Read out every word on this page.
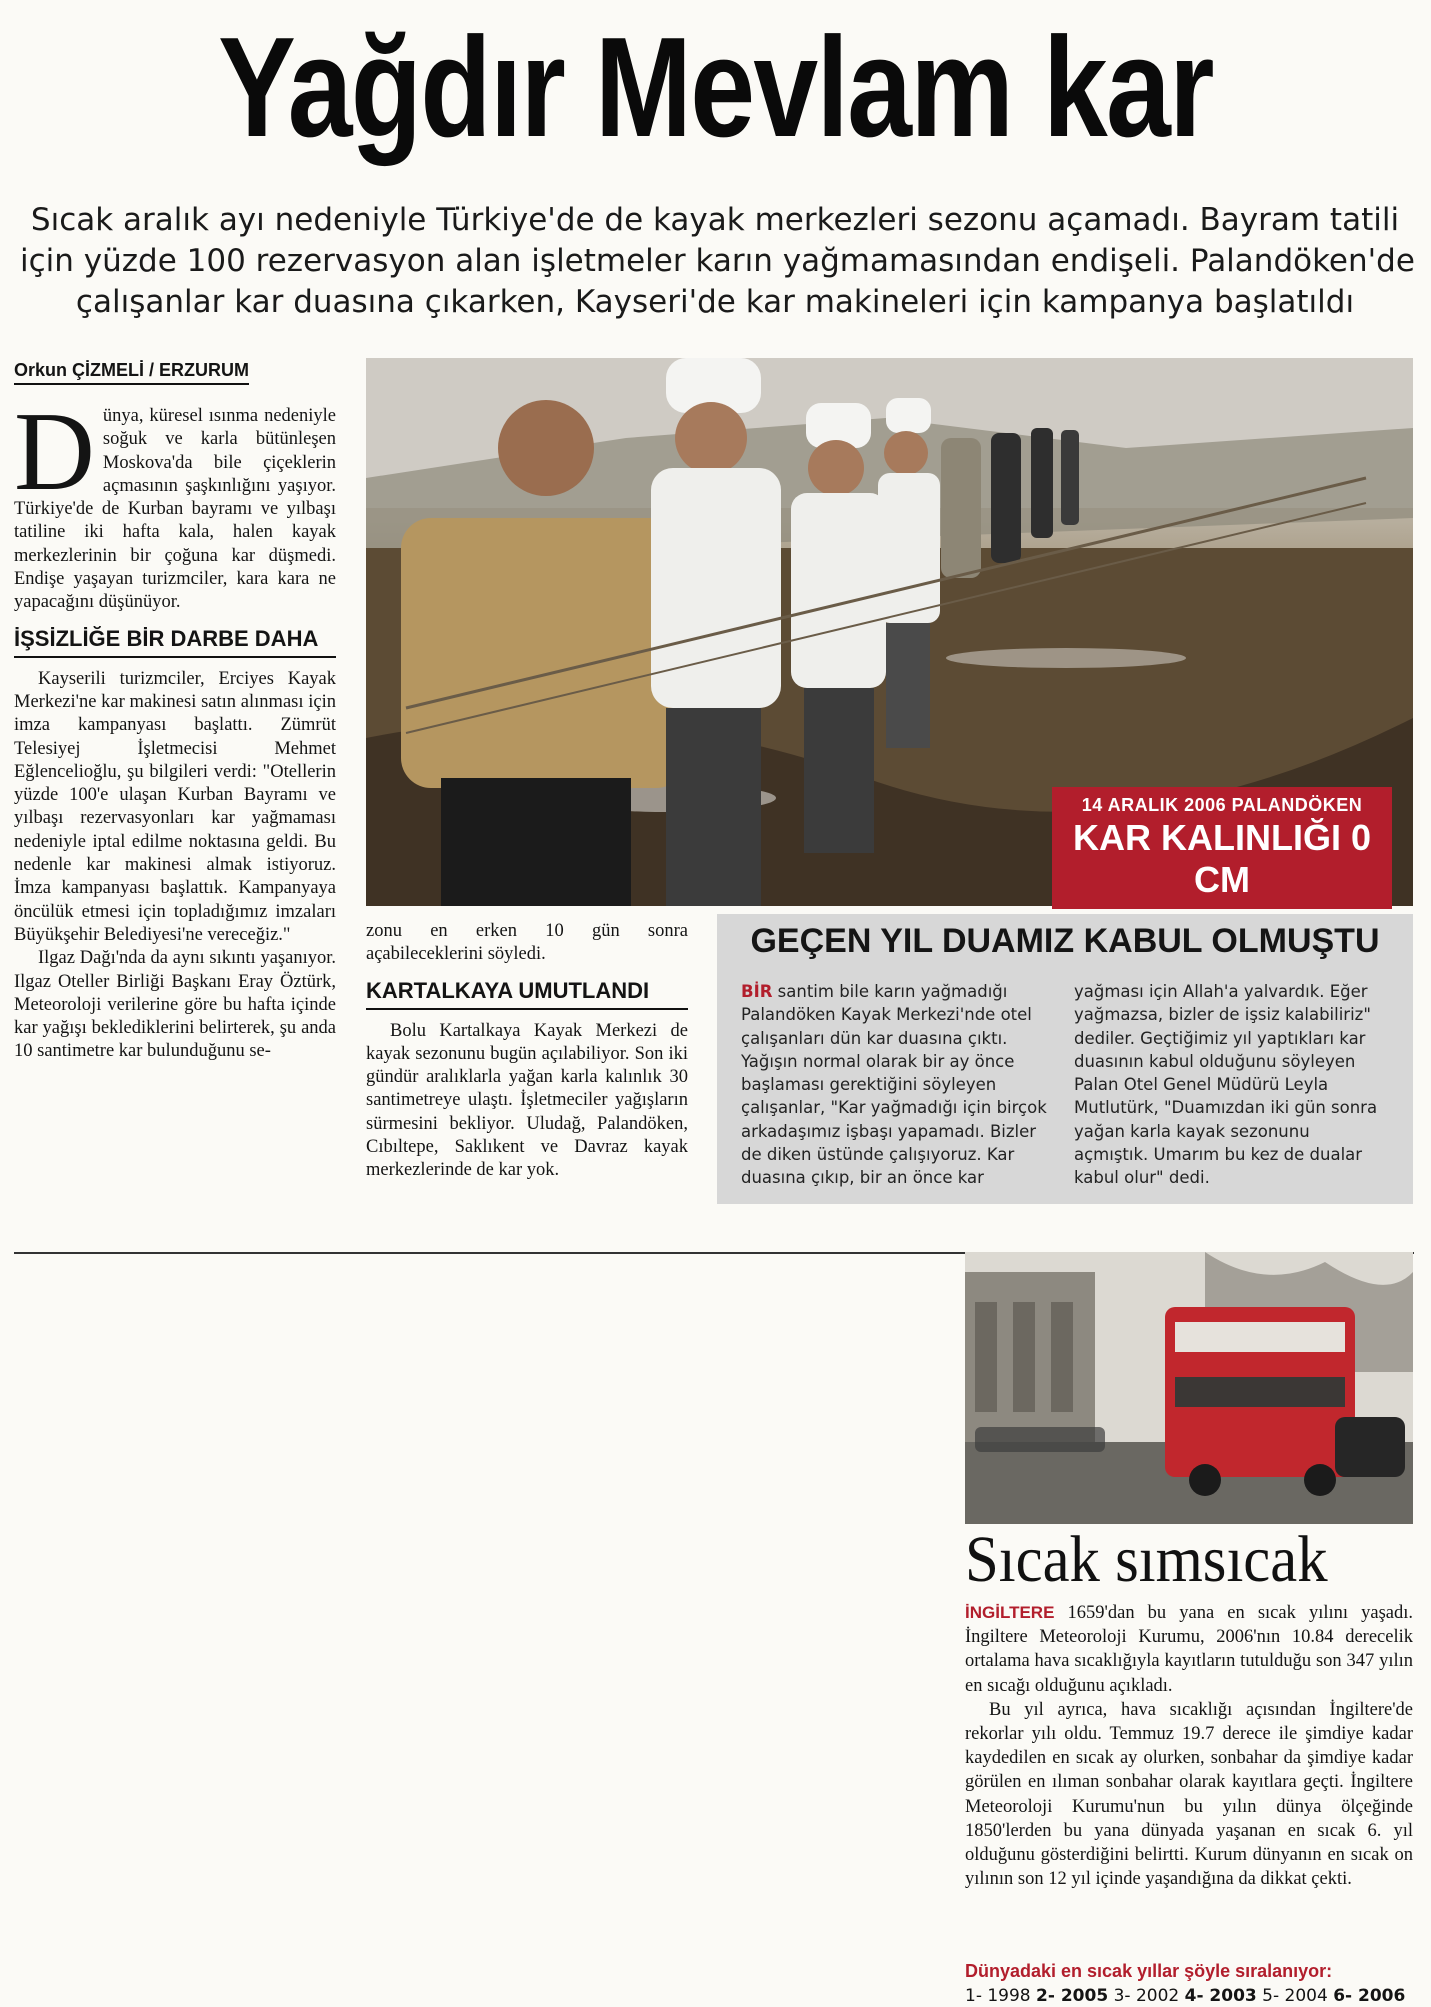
Yağdır Mevlam kar
Sıcak aralık ayı nedeniyle Türkiye'de de kayak merkezleri sezonu açamadı. Bayram tatili
için yüzde 100 rezervasyon alan işletmeler karın yağmamasından endişeli. Palandöken'de
çalışanlar kar duasına çıkarken, Kayseri'de kar makineleri için kampanya başlatıldı
Orkun ÇİZMELİ / ERZURUM

Dünya, küresel ısınma nedeniyle soğuk ve karla bütünleşen Moskova'da bile çiçeklerin açmasının şaşkınlığını yaşıyor. Türkiye'de de Kurban bayramı ve yılbaşı tatiline iki hafta kala, halen kayak merkezlerinin bir çoğuna kar düşmedi. Endişe yaşayan turizmciler, kara kara ne yapacağını düşünüyor.

İŞSİZLİĞE BİR DARBE DAHA

Kayserili turizmciler, Erciyes Kayak Merkezi'ne kar makinesi satın alınması için imza kampanyası başlattı. Zümrüt Telesiyej İşletmecisi Mehmet Eğlencelioğlu, şu bilgileri verdi: "Otellerin yüzde 100'e ulaşan Kurban Bayramı ve yılbaşı rezervasyonları kar yağmaması nedeniyle iptal edilme noktasına geldi. Bu nedenle kar makinesi almak istiyoruz. İmza kampanyası başlattık. Kampanyaya öncülük etmesi için topladığımız imzaları Büyükşehir Belediyesi'ne vereceğiz."

Ilgaz Dağı'nda da aynı sıkıntı yaşanıyor. Ilgaz Oteller Birliği Başkanı Eray Öztürk, Meteoroloji verilerine göre bu hafta içinde kar yağışı beklediklerini belirterek, şu anda 10 santimetre kar bulunduğunu se-

14 ARALIK 2006 PALANDÖKEN
KAR KALINLIĞI 0 CM

zonu en erken 10 gün sonra açabileceklerini söyledi.

KARTALKAYA UMUTLANDI

Bolu Kartalkaya Kayak Merkezi de kayak sezonunu bugün açılabiliyor. Son iki gündür aralıklarla yağan karla kalınlık 30 santimetreye ulaştı. İşletmeciler yağışların sürmesini bekliyor. Uludağ, Palandöken, Cıbıltepe, Saklıkent ve Davraz kayak merkezlerinde de kar yok.

GEÇEN YIL DUAMIZ KABUL OLMUŞTU
BİR santim bile karın yağmadığı Palandöken Kayak Merkezi'nde otel çalışanları dün kar duasına çıktı. Yağışın normal olarak bir ay önce başlaması gerektiğini söyleyen çalışanlar, "Kar yağmadığı için birçok arkadaşımız işbaşı yapamadı. Bizler de diken üstünde çalışıyoruz. Kar duasına çıkıp, bir an önce kar
yağması için Allah'a yalvardık. Eğer yağmazsa, bizler de işsiz kalabiliriz" dediler. Geçtiğimiz yıl yaptıkları kar duasının kabul olduğunu söyleyen Palan Otel Genel Müdürü Leyla Mutlutürk, "Duamızdan iki gün sonra yağan karla kayak sezonunu açmıştık. Umarım bu kez de dualar kabul olur" dedi.
Sıcak sımsıcak

İNGİLTERE 1659'dan bu yana en sıcak yılını yaşadı. İngiltere Meteoroloji Kurumu, 2006'nın 10.84 derecelik ortalama hava sıcaklığıyla kayıtların tutulduğu son 347 yılın en sıcağı olduğunu açıkladı.

Bu yıl ayrıca, hava sıcaklığı açısından İngiltere'de rekorlar yılı oldu. Temmuz 19.7 derece ile şimdiye kadar kaydedilen en sıcak ay olurken, sonbahar da şimdiye kadar görülen en ılıman sonbahar olarak kayıtlara geçti. İngiltere Meteoroloji Kurumu'nun bu yılın dünya ölçeğinde 1850'lerden bu yana dünyada yaşanan en sıcak 6. yıl olduğunu gösterdiğini belirtti. Kurum dünyanın en sıcak on yılının son 12 yıl içinde yaşandığına da dikkat çekti.

Dünyadaki en sıcak yıllar şöyle sıralanıyor:
1- 1998 2- 2005 3- 2002 4- 2003 5- 2004 6- 2006
